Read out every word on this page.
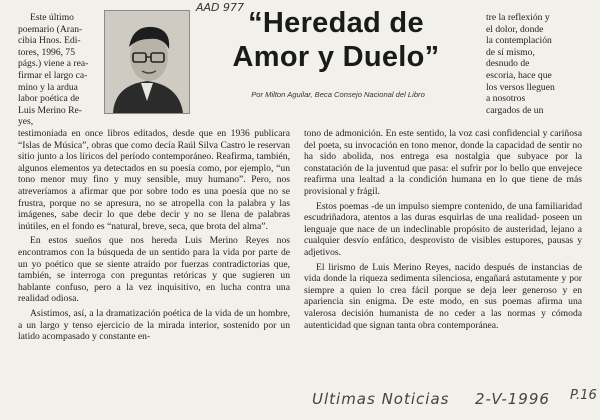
AAD 977 “Heredad de
Amor y Duelo”
Por Milton Aguilar, Beca Consejo Nacional del Libro
Este último
poemario (Aran-
cibia Hnos. Edi-
tores, 1996, 75
págs.) viene a rea-
firmar el largo ca-
mino y la ardua
labor poética de
Luis Merino Re-
yes,

testimoniada en once libros editados, desde que en 1936 publicara “Islas de Música”, obras que como decía Raúl Silva Castro le reservan sitio junto a los líricos del período contemporáneo. Reafirma, también, algunos elementos ya detectados en su poesía como, por ejemplo, “un tono menor muy fino y muy sensible, muy humano”. Pero, nos atreveríamos a afirmar que por sobre todo es una poesía que no se frustra, porque no se apresura, no se atropella con la palabra y las imágenes, sabe decir lo que debe decir y no se llena de palabras inútiles, en el fondo es “natural, breve, seca, que brota del alma”.

En estos sueños que nos hereda Luis Merino Reyes nos encontramos con la búsqueda de un sentido para la vida por parte de un yo poético que se siente atraído por fuerzas contradictorias que, también, se interroga con preguntas retóricas y que sugieren un hablante confuso, pero a la vez inquisitivo, en lucha contra una realidad odiosa.

Asistimos, así, a la dramatización poética de la vida de un hombre, a un largo y tenso ejercicio de la mirada interior, sostenido por un latido acompasado y constante en-

tre la reflexión y
el dolor, donde
la contemplación
de sí mismo,
desnudo de
escoria, hace que
los versos lleguen
a nosotros
cargados de un

tono de admonición. En este sentido, la voz casi confidencial y cariñosa del poeta, su invocación en tono menor, donde la capacidad de sentir no ha sido abolida, nos entrega esa nostalgia que subyace por la constatación de la juventud que pasa: el sufrir por lo bello que envejece reafirma una lealtad a la condición humana en lo que tiene de más provisional y frágil.

Estos poemas -de un impulso siempre contenido, de una familiaridad escudriñadora, atentos a las duras esquirlas de una realidad- poseen un lenguaje que nace de un indeclinable propósito de austeridad, lejano a cualquier desvío enfático, desprovisto de visibles estupores, pausas y adjetivos.

El lirismo de Luis Merino Reyes, nacido después de instancias de vida donde la riqueza sedimenta silenciosa, engañará astutamente y por siempre a quien lo crea fácil porque se deja leer generoso y en apariencia sin enigma. De este modo, en sus poemas afirma una valerosa decisión humanista de no ceder a las normas y cómoda autenticidad que signan tanta obra contemporánea.

Ultimas Noticias 2-V-1996	P.16
